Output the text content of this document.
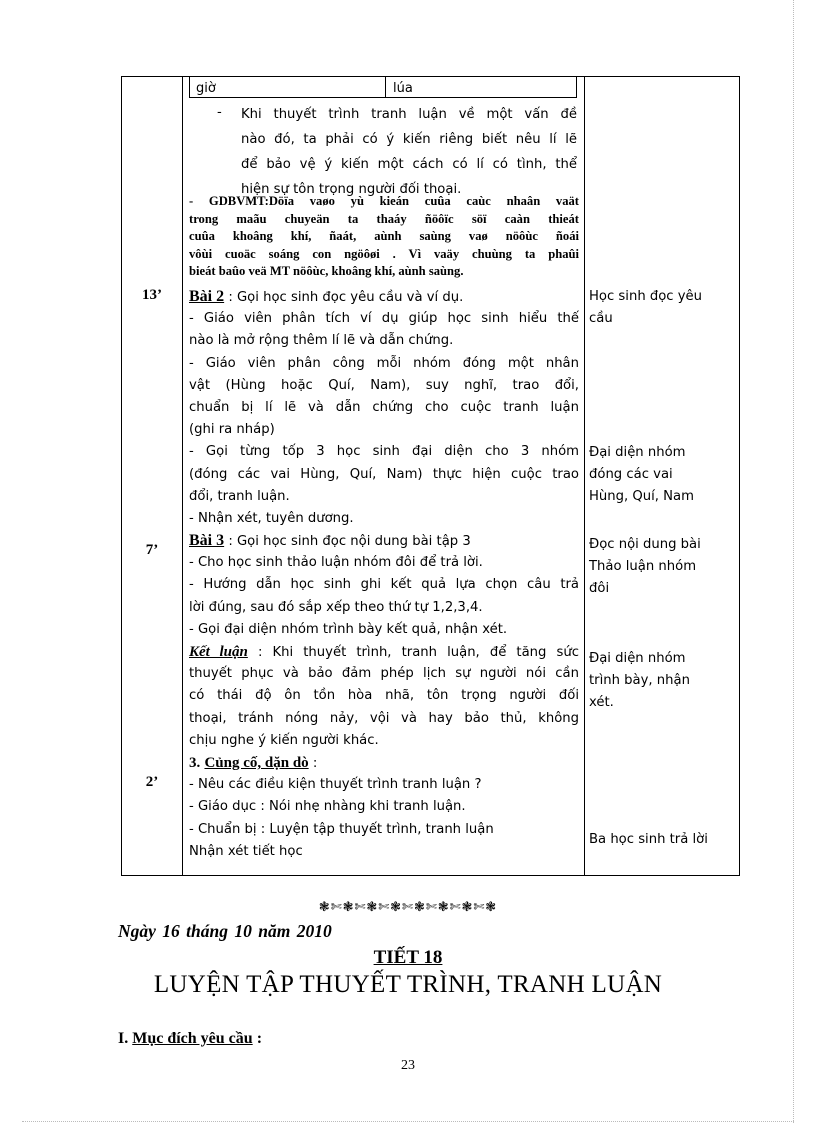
giờ	lúa
- Khi thuyết trình tranh luận về một vấn đề
nào đó, ta phải có ý kiến riêng biết nêu lí lẽ
để bảo vệ ý kiến một cách có lí có tình, thể
hiện sự tôn trọng người đối thoại.
- GDBVMT:Döïa vaøo yù kieán cuûa caùc nhaân vaät
trong maãu chuyeän ta thaáy ñöôïc söï caàn thieát
cuûa khoâng khí, ñaát, aùnh saùng vaø nöôùc ñoái
vôùi cuoäc soáng con ngöôøi . Vì vaäy chuùng ta phaûi
bieát baûo veä MT nöôùc, khoâng khí, aùnh saùng.
13’
7’
2’
Bài 2 : Gọi học sinh đọc yêu cầu và ví dụ.
- Giáo viên phân tích ví dụ giúp học sinh hiểu thế
nào là mở rộng thêm lí lẽ và dẫn chứng.
- Giáo viên phân công mỗi nhóm đóng một nhân
vật (Hùng hoặc Quí, Nam), suy nghĩ, trao đổi,
chuẩn bị lí lẽ và dẫn chứng cho cuộc tranh luận
(ghi ra nháp)
- Gọi từng tốp 3 học sinh đại diện cho 3 nhóm
(đóng các vai Hùng, Quí, Nam) thực hiện cuộc trao
đổi, tranh luận.
- Nhận xét, tuyên dương.
Bài 3 : Gọi học sinh đọc nội dung bài tập 3
- Cho học sinh thảo luận nhóm đôi để trả lời.
- Hướng dẫn học sinh ghi kết quả lựa chọn câu trả
lời đúng, sau đó sắp xếp theo thứ tự 1,2,3,4.
- Gọi đại diện nhóm trình bày kết quả, nhận xét.
Kết luận : Khi thuyết trình, tranh luận, để tăng sức
thuyết phục và bảo đảm phép lịch sự người nói cần
có thái độ ôn tồn hòa nhã, tôn trọng người đối
thoại, tránh nóng nảy, vội và hay bảo thủ, không
chịu nghe ý kiến người khác.
3. Củng cố, dặn dò :
- Nêu các điều kiện thuyết trình tranh luận ?
- Giáo dục : Nói nhẹ nhàng khi tranh luận.
- Chuẩn bị : Luyện tập thuyết trình, tranh luận
Nhận xét tiết học
Học sinh đọc yêu
cầu
Đại diện nhóm
đóng các vai
Hùng, Quí, Nam
Đọc nội dung bài
Thảo luận nhóm
đôi
Đại diện nhóm
trình bày, nhận
xét.
Ba học sinh trả lời
❃✄❃✄❃✄❃✄❃✄❃✄❃✄❃
Ngày 16 tháng 10 năm 2010
TIẾT 18
LUYỆN TẬP THUYẾT TRÌNH, TRANH LUẬN
I. Mục đích yêu cầu :
23
